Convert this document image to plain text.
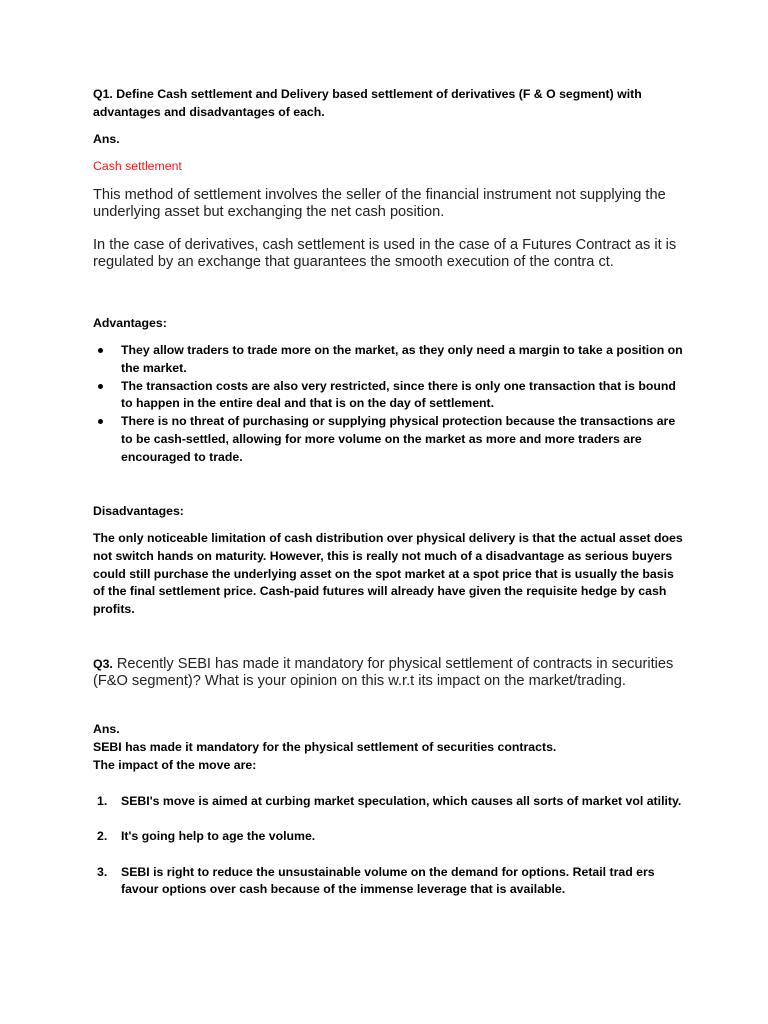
Q1. Define Cash settlement and Delivery based settlement of derivatives (F & O segment) with advantages and disadvantages of each.

Ans.

Cash settlement

This method of settlement involves the seller of the financial instrument not supplying the underlying asset but exchanging the net cash position.

In the case of derivatives, cash settlement is used in the case of a Futures Contract as it is regulated by an exchange that guarantees the smooth execution of the contra ct.

Advantages:

They allow traders to trade more on the market, as they only need a margin to take a position on the market.
The transaction costs are also very restricted, since there is only one transaction that is bound to happen in the entire deal and that is on the day of settlement.
There is no threat of purchasing or supplying physical protection because the transactions are to be cash-settled, allowing for more volume on the market as more and more traders are encouraged to trade.

Disadvantages:

The only noticeable limitation of cash distribution over physical delivery is that the actual asset does not switch hands on maturity. However, this is really not much of a disadvantage as serious buyers could still purchase the underlying asset on the spot market at a spot price that is usually the basis of the final settlement price. Cash-paid futures will already have given the requisite hedge by cash profits.

Q3. Recently SEBI has made it mandatory for physical settlement of contracts in securities (F&O segment)? What is your opinion on this w.r.t its impact on the market/trading.

Ans.

SEBI has made it mandatory for the physical settlement of securities contracts.

The impact of the move are:

1. SEBI's move is aimed at curbing market speculation, which causes all sorts of market vol atility.
2. It's going help to age the volume.
3. SEBI is right to reduce the unsustainable volume on the demand for options. Retail trad ers favour options over cash because of the immense leverage that is available.
